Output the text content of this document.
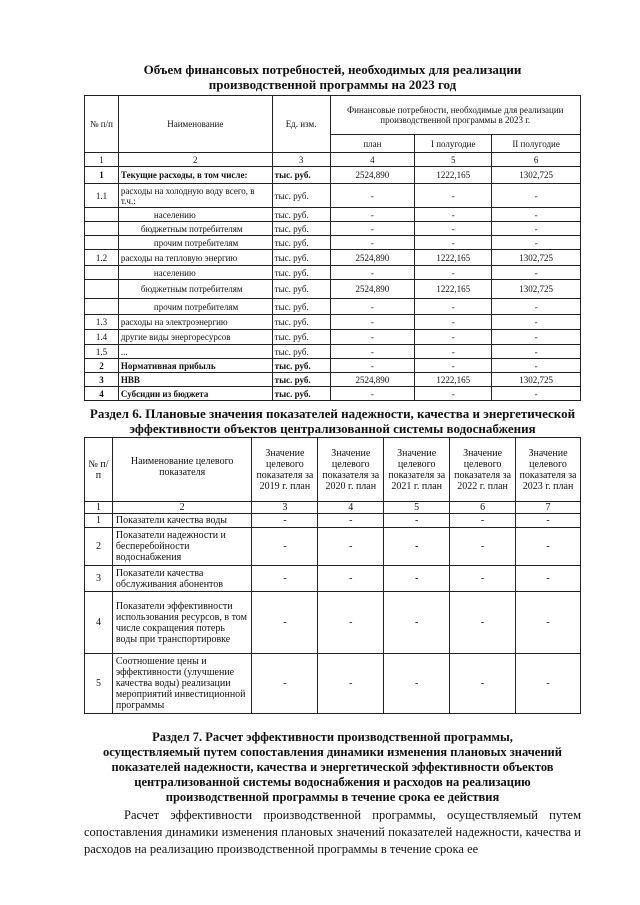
Объем финансовых потребностей, необходимых для реализации
производственной программы на 2023 год
№ п/п	Наименование	Ед. изм.	Финансовые потребности, необходимые для реализации производственной программы в 2023 г.		
			план	I полугодие	II полугодие
1	2	3	4	5	6
1	Текущие расходы, в том числе:	тыс. руб.	2524,890	1222,165	1302,725
1.1	расходы на холодную воду всего, в т.ч.:	тыс. руб.	-	-	-
	населению	тыс. руб.	-	-	-
	бюджетным потребителям	тыс. руб.	-	-	-
	прочим потребителям	тыс. руб.	-	-	-
1.2	расходы на тепловую энергию	тыс. руб.	2524,890	1222,165	1302,725
	населению	тыс. руб.	-	-	-
	бюджетным потребителям	тыс. руб.	2524,890	1222,165	1302,725
	прочим потребителям	тыс. руб.	-	-	-
1.3	расходы на электроэнергию	тыс. руб.	-	-	-
1.4	другие виды энергоресурсов	тыс. руб.	-	-	-
1.5	...	тыс. руб.	-	-	-
2	Нормативная прибыль	тыс. руб.	-	-	-
3	НВВ	тыс. руб.	2524,890	1222,165	1302,725
4	Субсидии из бюджета	тыс. руб.	-	-	-
Раздел 6. Плановые значения показателей надежности, качества и энергетической
эффективности объектов централизованной системы водоснабжения
№ п/ п	Наименование целевого показателя	Значение целевого показателя за 2019 г. план	Значение целевого показателя за 2020 г. план	Значение целевого показателя за 2021 г. план	Значение целевого показателя за 2022 г. план	Значение целевого показателя за 2023 г. план
1	2	3	4	5	6	7
1	Показатели качества воды	-	-	-	-	-
2	Показатели надежности и бесперебойности водоснабжения	-	-	-	-	-
3	Показатели качества обслуживания абонентов	-	-	-	-	-
4	Показатели эффективности использования ресурсов, в том числе сокращения потерь воды при транспортировке	-	-	-	-	-
5	Соотношение цены и эффективности (улучшение качества воды) реализации мероприятий инвестиционной программы	-	-	-	-	-
Раздел 7. Расчет эффективности производственной программы,
осуществляемый путем сопоставления динамики изменения плановых значений
показателей надежности, качества и энергетической эффективности объектов
централизованной системы водоснабжения и расходов на реализацию
производственной программы в течение срока ее действия
Расчет эффективности производственной программы, осуществляемый путем сопоставления динамики изменения плановых значений показателей надежности, качества и расходов на реализацию производственной программы в течение срока ее
